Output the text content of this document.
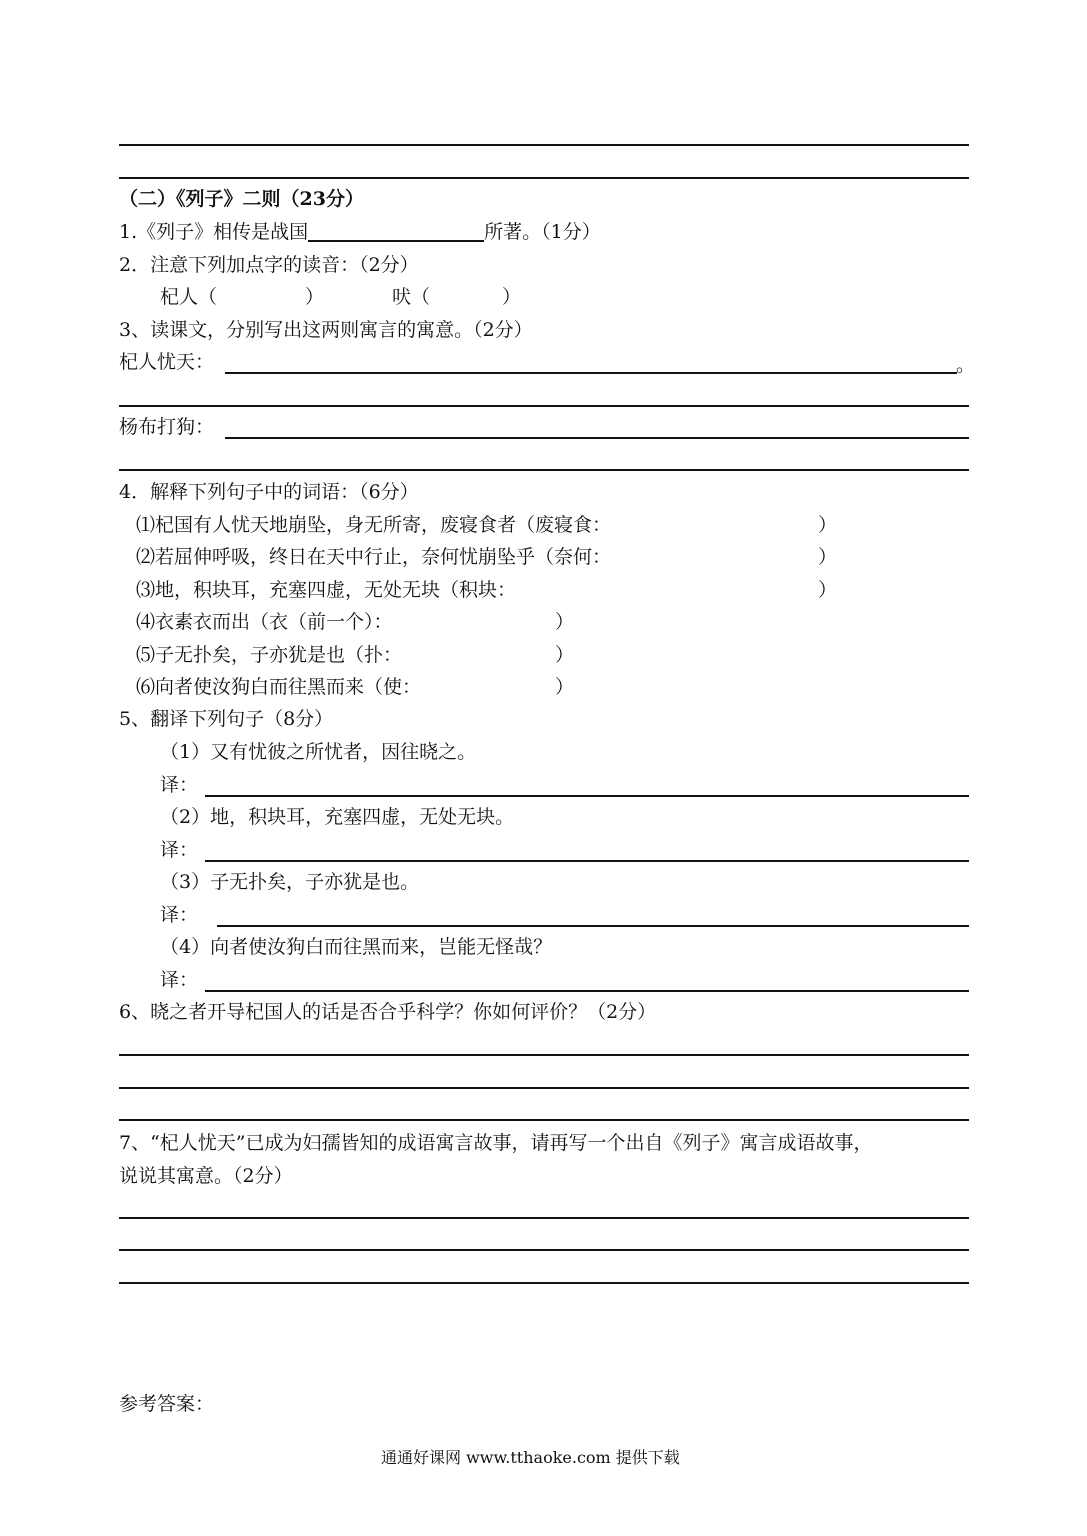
（二）《列子》二则（23分）
1.《列子》相传是战国	所著。（1分）
2．注意下列加点字的读音：（2分）
杞人（	）	吠（	）
3、读课文，分别写出这两则寓言的寓意。（2分）
杞人忧天：	。
杨布打狗：
4．解释下列句子中的词语：（6分）
⑴杞国有人忧天地崩坠，身无所寄，废寝食者（废寝食：	）
⑵若屈伸呼吸，终日在天中行止，奈何忧崩坠乎（奈何：	）
⑶地，积块耳，充塞四虚，无处无块（积块：	）
⑷衣素衣而出（衣（前一个）：	）
⑸子无扑矣，子亦犹是也（扑：	）
⑹向者使汝狗白而往黑而来（使：	）
5、翻译下列句子（8分）
（1）又有忧彼之所忧者，因往晓之。
译：
（2）地，积块耳，充塞四虚，无处无块。
译：
（3）子无扑矣，子亦犹是也。
译：
（4）向者使汝狗白而往黑而来，岂能无怪哉？
译：
6、晓之者开导杞国人的话是否合乎科学？你如何评价？（2分）
7、“杞人忧天”已成为妇孺皆知的成语寓言故事，请再写一个出自《列子》寓言成语故事，
说说其寓意。（2分）
参考答案：
通通好课网 www.tthaoke.com 提供下载
